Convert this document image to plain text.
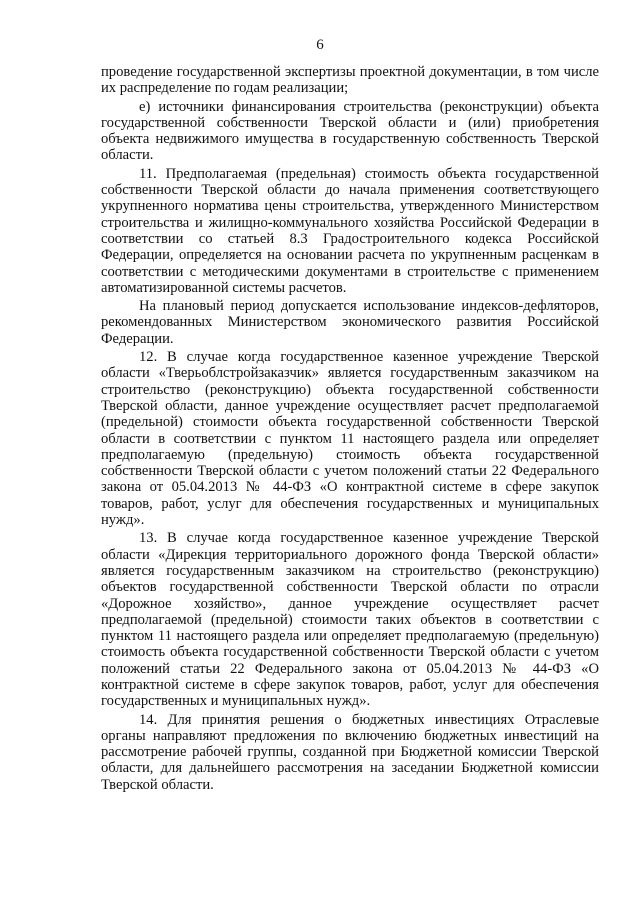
6

проведение государственной экспертизы проектной документации, в том числе их распределение по годам реализации;

е) источники финансирования строительства (реконструкции) объекта государственной собственности Тверской области и (или) приобретения объекта недвижимого имущества в государственную собственность Тверской области.

11. Предполагаемая (предельная) стоимость объекта государственной собственности Тверской области до начала применения соответствующего укрупненного норматива цены строительства, утвержденного Министерством строительства и жилищно-коммунального хозяйства Российской Федерации в соответствии со статьей 8.3 Градостроительного кодекса Российской Федерации, определяется на основании расчета по укрупненным расценкам в соответствии с методическими документами в строительстве с применением автоматизированной системы расчетов.

На плановый период допускается использование индексов-дефляторов, рекомендованных Министерством экономического развития Российской Федерации.

12. В случае когда государственное казенное учреждение Тверской области «Тверьоблстройзаказчик» является государственным заказчиком на строительство (реконструкцию) объекта государственной собственности Тверской области, данное учреждение осуществляет расчет предполагаемой (предельной) стоимости объекта государственной собственности Тверской области в соответствии с пунктом 11 настоящего раздела или определяет предполагаемую (предельную) стоимость объекта государственной собственности Тверской области с учетом положений статьи 22 Федерального закона от 05.04.2013 № 44-ФЗ «О контрактной системе в сфере закупок товаров, работ, услуг для обеспечения государственных и муниципальных нужд».

13. В случае когда государственное казенное учреждение Тверской области «Дирекция территориального дорожного фонда Тверской области» является государственным заказчиком на строительство (реконструкцию) объектов государственной собственности Тверской области по отрасли «Дорожное хозяйство», данное учреждение осуществляет расчет предполагаемой (предельной) стоимости таких объектов в соответствии с пунктом 11 настоящего раздела или определяет предполагаемую (предельную) стоимость объекта государственной собственности Тверской области с учетом положений статьи 22 Федерального закона от 05.04.2013 № 44-ФЗ «О контрактной системе в сфере закупок товаров, работ, услуг для обеспечения государственных и муниципальных нужд».

14. Для принятия решения о бюджетных инвестициях Отраслевые органы направляют предложения по включению бюджетных инвестиций на рассмотрение рабочей группы, созданной при Бюджетной комиссии Тверской области, для дальнейшего рассмотрения на заседании Бюджетной комиссии Тверской области.
